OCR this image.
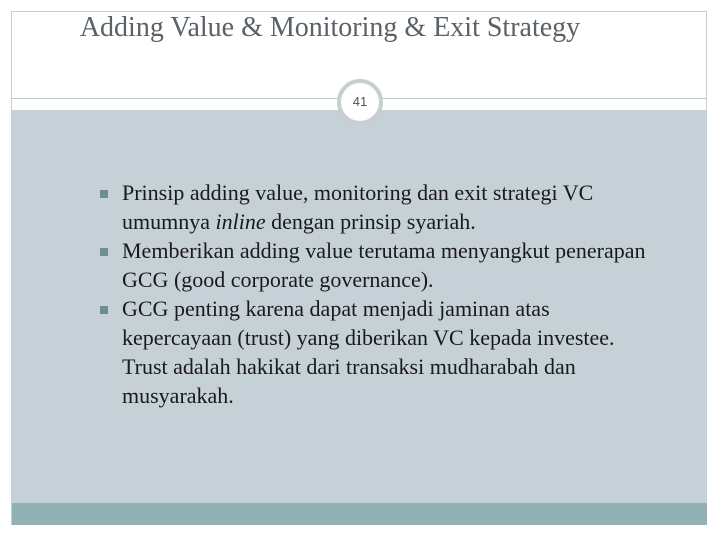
Adding Value & Monitoring & Exit Strategy
41
Prinsip adding value, monitoring dan exit strategi VC umumnya inline dengan prinsip syariah.
Memberikan adding value terutama menyangkut penerapan GCG (good corporate governance).
GCG penting karena dapat menjadi jaminan atas kepercayaan (trust) yang diberikan VC kepada investee. Trust adalah hakikat dari transaksi mudharabah dan musyarakah.
